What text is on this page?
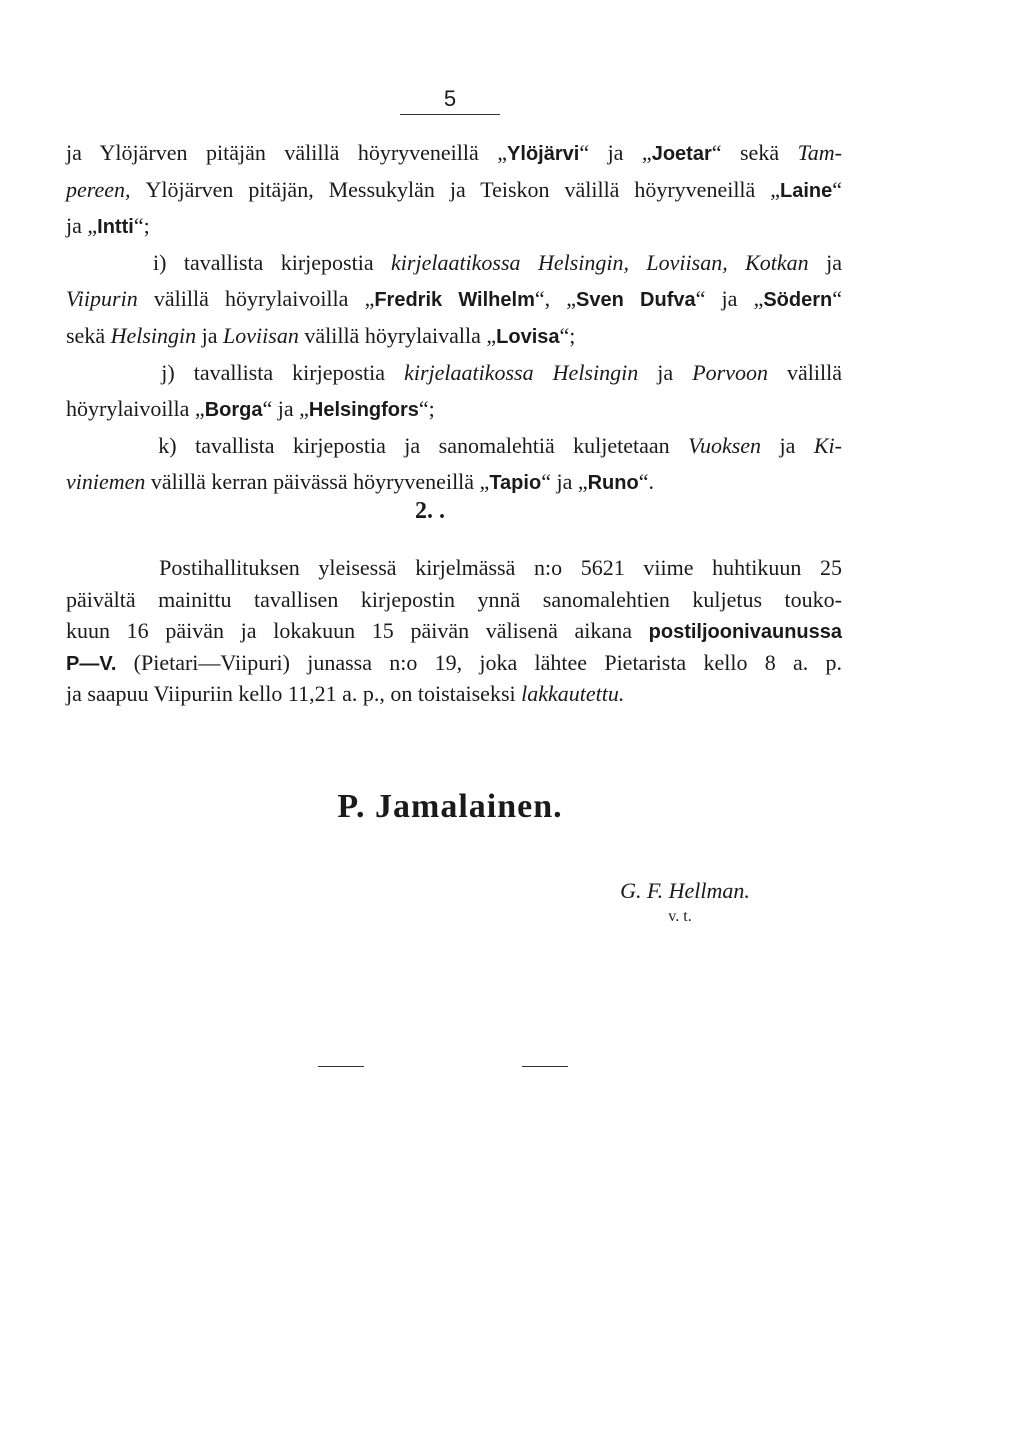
5
ja Ylöjärven pitäjän välillä höyryveneillä „Ylöjärvi“ ja „Joetar“ sekä Tam-
pereen, Ylöjärven pitäjän, Messukylän ja Teiskon välillä höyryveneillä „Laine“
ja „Intti“;
i) tavallista kirjepostia kirjelaatikossa Helsingin, Loviisan, Kotkan ja
Viipurin välillä höyrylaivoilla „Fredrik Wilhelm“, „Sven Dufva“ ja „Södern“
sekä Helsingin ja Loviisan välillä höyrylaivalla „Lovisa“;
j) tavallista kirjepostia kirjelaatikossa Helsingin ja Porvoon välillä
höyrylaivoilla „Borga“ ja „Helsingfors“;
k) tavallista kirjepostia ja sanomalehtiä kuljetetaan Vuoksen ja Ki-
viniemen välillä kerran päivässä höyryveneillä „Tapio“ ja „Runo“.
2. .
Postihallituksen yleisessä kirjelmässä n:o 5621 viime huhtikuun 25
päivältä mainittu tavallisen kirjepostin ynnä sanomalehtien kuljetus touko-
kuun 16 päivän ja lokakuun 15 päivän välisenä aikana postiljoonivaunussa
P—V. (Pietari—Viipuri) junassa n:o 19, joka lähtee Pietarista kello 8 a. p.
ja saapuu Viipuriin kello 11,21 a. p., on toistaiseksi lakkautettu.
P. Jamalainen.
G. F. Hellman.
v. t.
